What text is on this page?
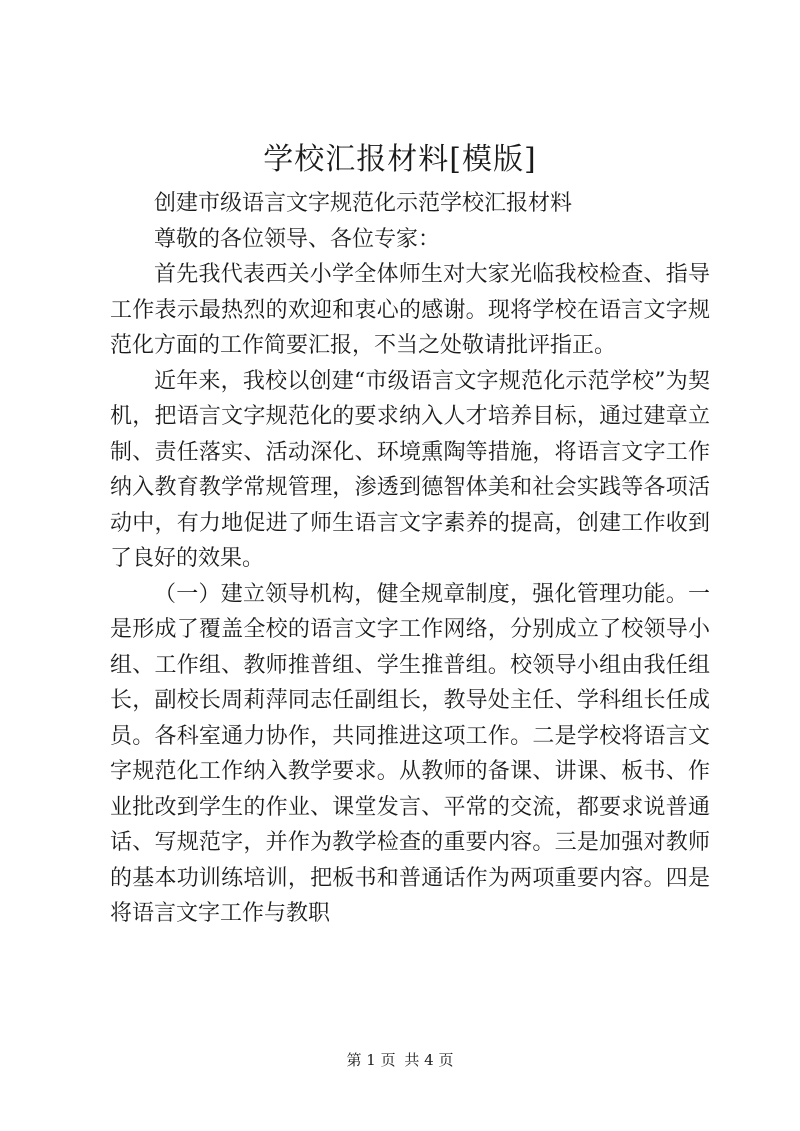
学校汇报材料[模版]

创建市级语言文字规范化示范学校汇报材料

尊敬的各位领导、各位专家：

首先我代表西关小学全体师生对大家光临我校检查、指导工作表示最热烈的欢迎和衷心的感谢。现将学校在语言文字规范化方面的工作简要汇报，不当之处敬请批评指正。

近年来，我校以创建“市级语言文字规范化示范学校”为契机，把语言文字规范化的要求纳入人才培养目标，通过建章立制、责任落实、活动深化、环境熏陶等措施，将语言文字工作纳入教育教学常规管理，渗透到德智体美和社会实践等各项活动中，有力地促进了师生语言文字素养的提高，创建工作收到了良好的效果。

（一）建立领导机构，健全规章制度，强化管理功能。一是形成了覆盖全校的语言文字工作网络，分别成立了校领导小组、工作组、教师推普组、学生推普组。校领导小组由我任组长，副校长周莉萍同志任副组长，教导处主任、学科组长任成员。各科室通力协作，共同推进这项工作。二是学校将语言文字规范化工作纳入教学要求。从教师的备课、讲课、板书、作业批改到学生的作业、课堂发言、平常的交流，都要求说普通话、写规范字，并作为教学检查的重要内容。三是加强对教师的基本功训练培训，把板书和普通话作为两项重要内容。四是将语言文字工作与教职

第 1 页 共 4 页
